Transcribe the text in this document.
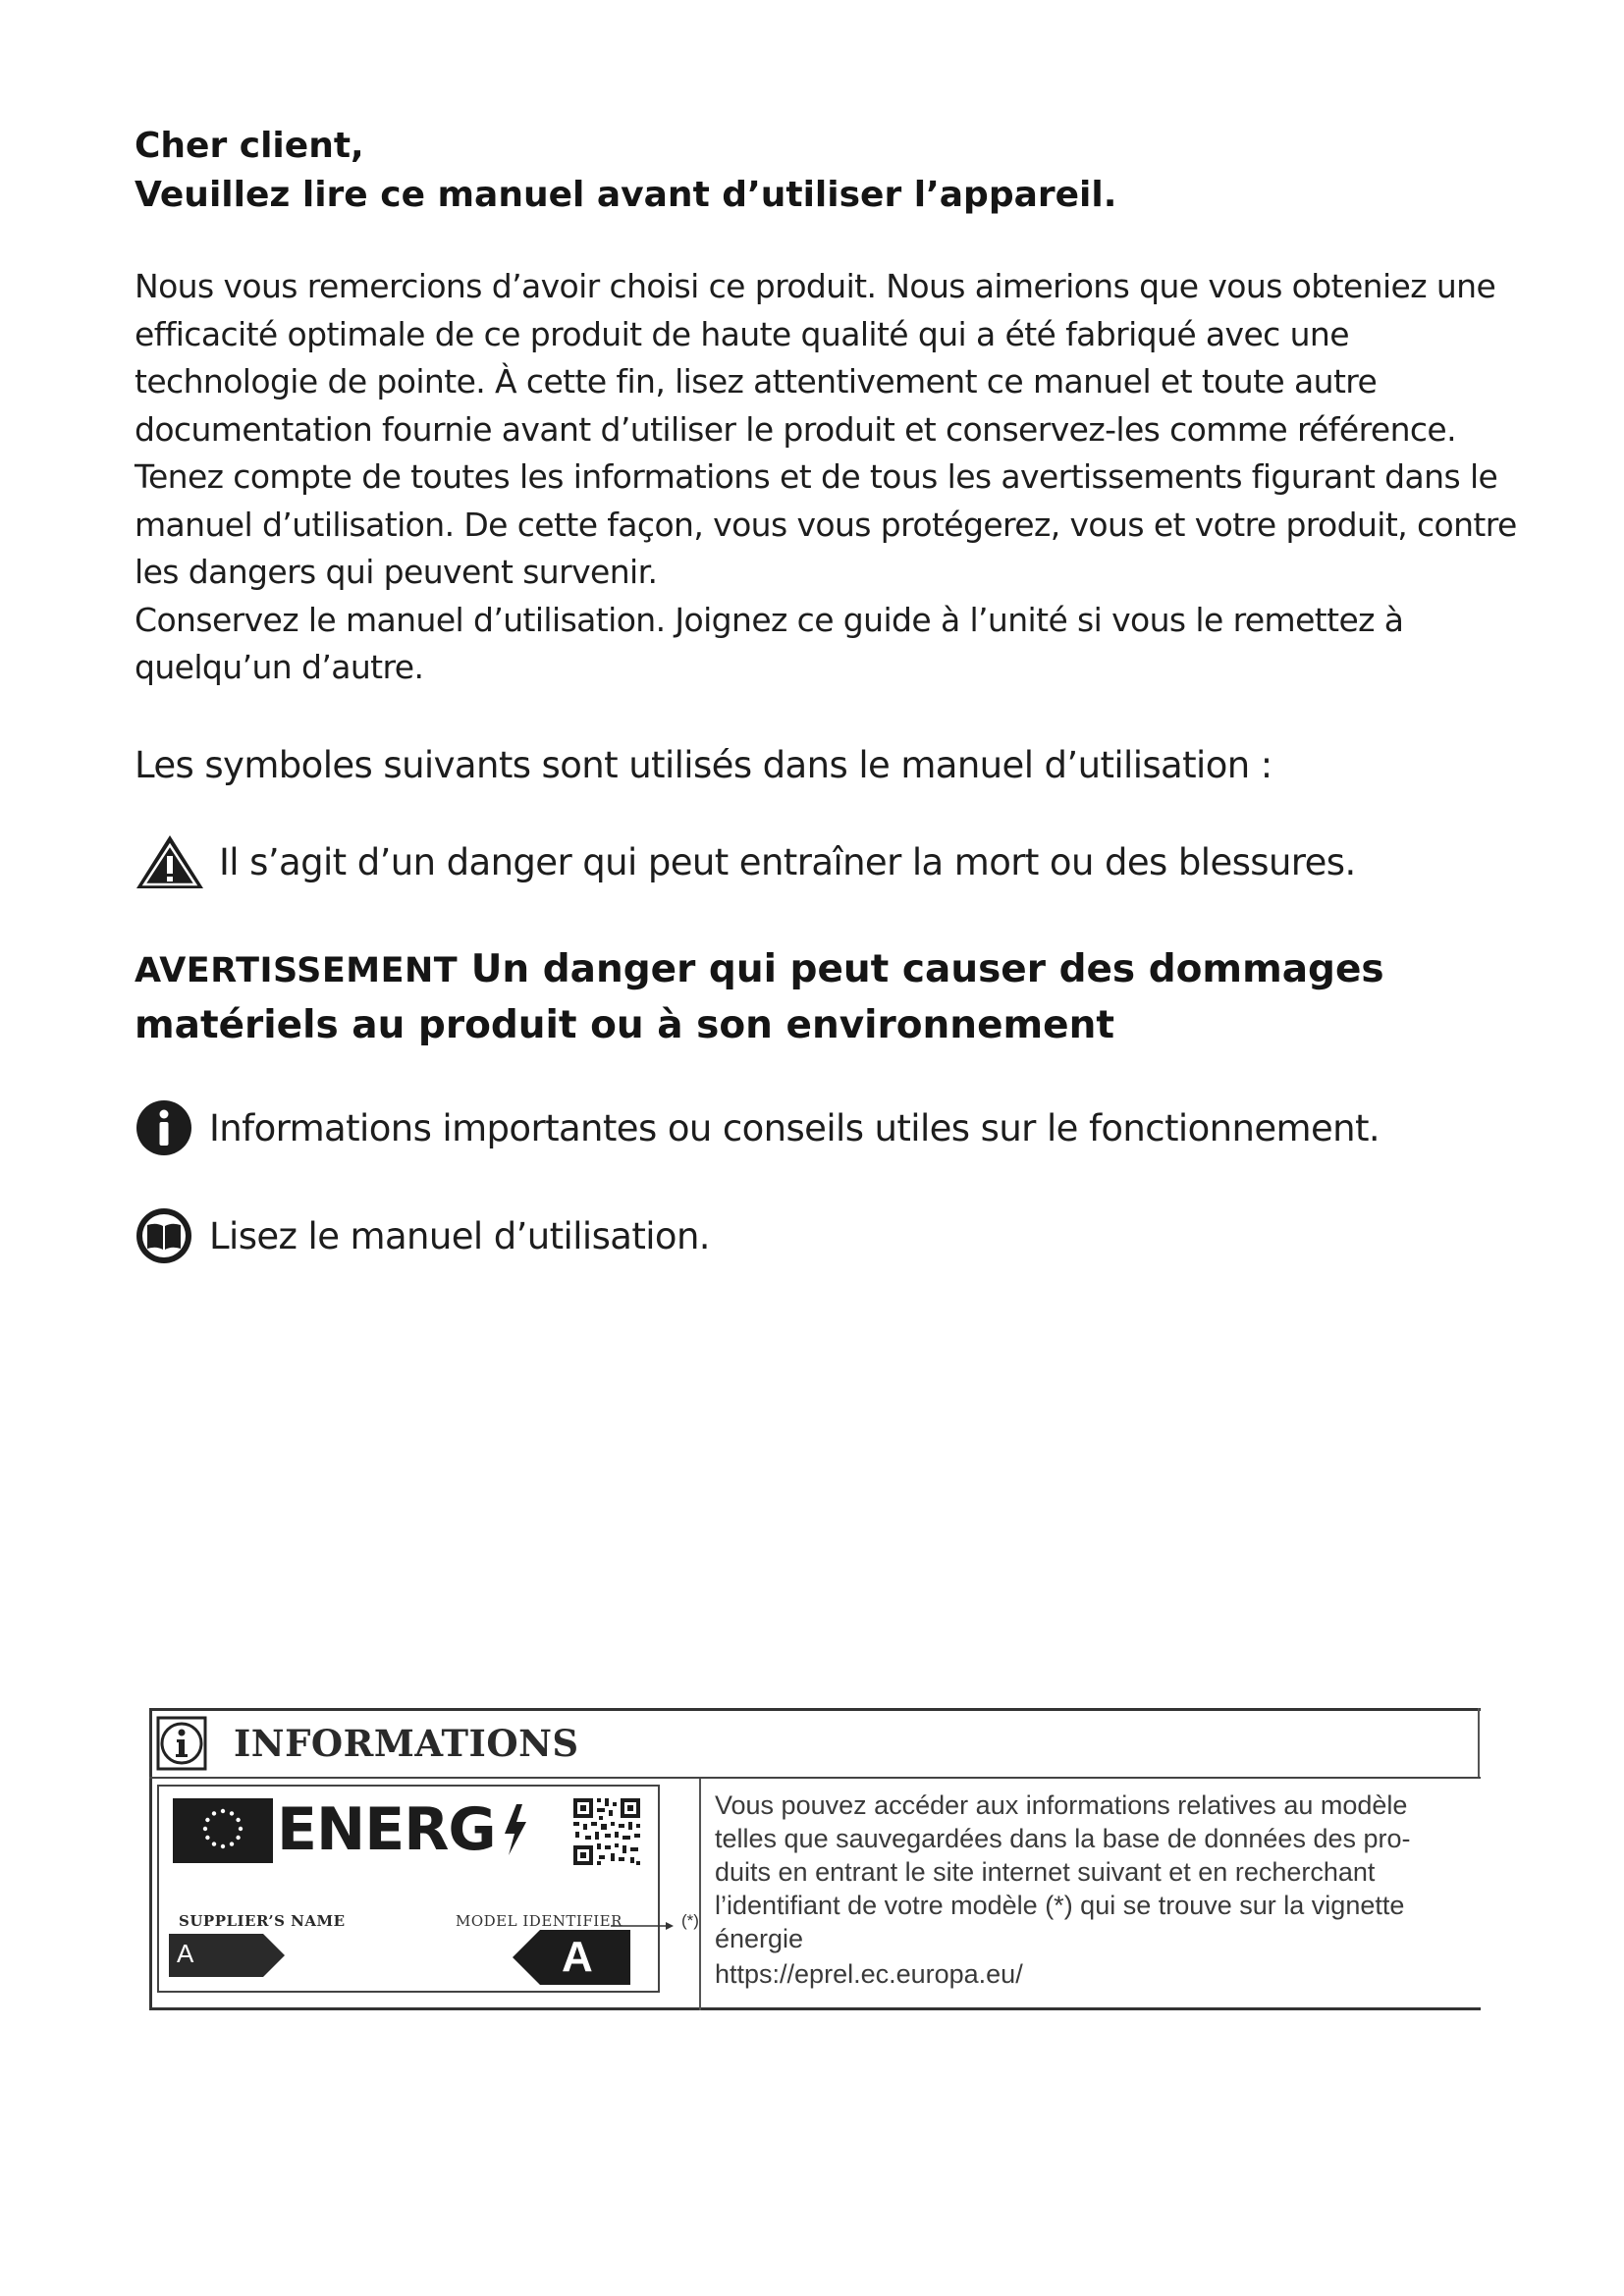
Cher client,
Veuillez lire ce manuel avant d’utiliser l’appareil.

Nous vous remercions d’avoir choisi ce produit. Nous aimerions que vous obteniez une efficacité optimale de ce produit de haute qualité qui a été fabriqué avec une technologie de pointe. À cette fin, lisez attentivement ce manuel et toute autre documentation fournie avant d’utiliser le produit et conservez-les comme référence.

Tenez compte de toutes les informations et de tous les avertissements figurant dans le manuel d’utilisation. De cette façon, vous vous protégerez, vous et votre produit, contre les dangers qui peuvent survenir.

Conservez le manuel d’utilisation. Joignez ce guide à l’unité si vous le remettez à quelqu’un d’autre.

Les symboles suivants sont utilisés dans le manuel d’utilisation :
Il s’agit d’un danger qui peut entraîner la mort ou des blessures.
AVERTISSEMENT Un danger qui peut causer des dommages matériels au produit ou à son environnement
Informations importantes ou conseils utiles sur le fonctionnement.
Lisez le manuel d’utilisation.
INFORMATIONS
ENERG
SUPPLIER’S NAME	MODEL IDENTIFIER	(*)
A	A

Vous pouvez accéder aux informations relatives au modèle telles que sauvegardées dans la base de données des pro-duits en entrant le site internet suivant et en recherchant l’identifiant de votre modèle (*) qui se trouve sur la vignette énergie

https://eprel.ec.europa.eu/
